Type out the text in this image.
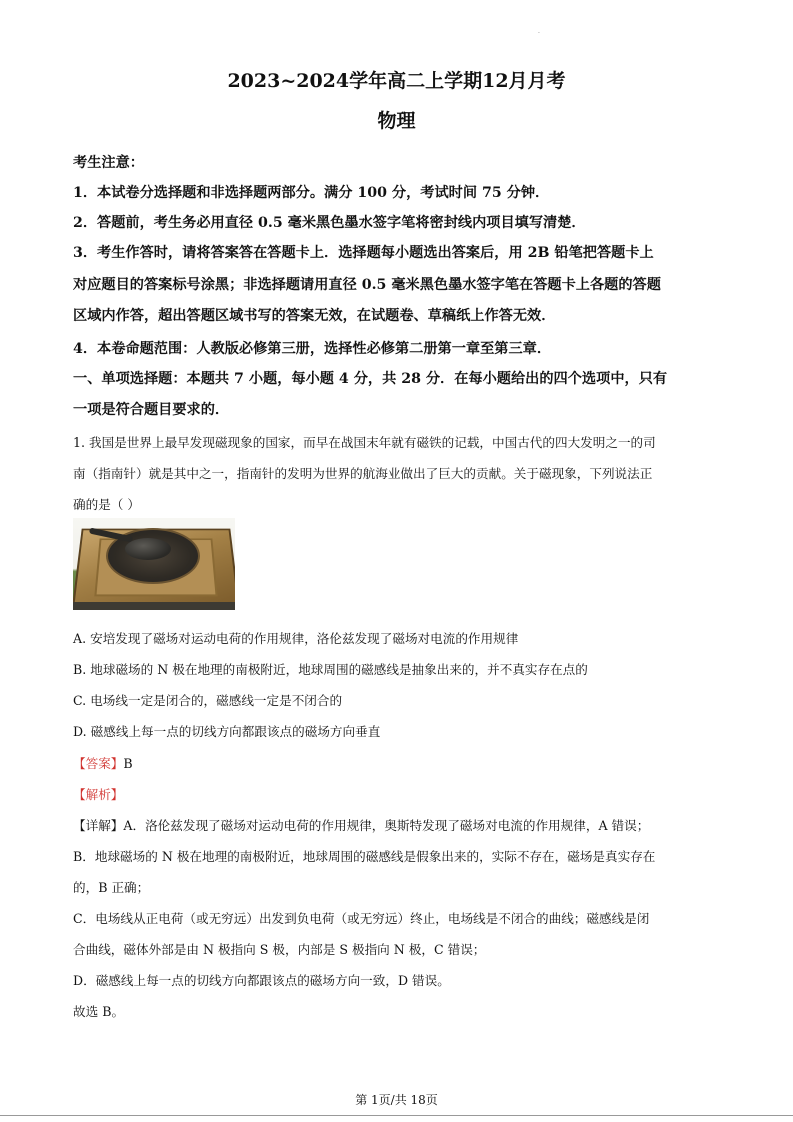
.
2023~2024学年高二上学期12月月考
物理
考生注意：
1．本试卷分选择题和非选择题两部分。满分 100 分，考试时间 75 分钟．
2．答题前，考生务必用直径 0.5 毫米黑色墨水签字笔将密封线内项目填写清楚．
3．考生作答时，请将答案答在答题卡上．选择题每小题选出答案后，用 2B 铅笔把答题卡上
对应题目的答案标号涂黑；非选择题请用直径 0.5 毫米黑色墨水签字笔在答题卡上各题的答题
区域内作答，超出答题区域书写的答案无效，在试题卷、草稿纸上作答无效．
4．本卷命题范围：人教版必修第三册，选择性必修第二册第一章至第三章．
一、单项选择题：本题共 7 小题，每小题 4 分，共 28 分．在每小题给出的四个选项中，只有
一项是符合题目要求的．
1. 我国是世界上最早发现磁现象的国家，而早在战国末年就有磁铁的记载，中国古代的四大发明之一的司
南（指南针）就是其中之一，指南针的发明为世界的航海业做出了巨大的贡献。关于磁现象，下列说法正
确的是（ ）
A. 安培发现了磁场对运动电荷的作用规律，洛伦兹发现了磁场对电流的作用规律
B. 地球磁场的 N 极在地理的南极附近，地球周围的磁感线是抽象出来的，并不真实存在点的
C. 电场线一定是闭合的，磁感线一定是不闭合的
D. 磁感线上每一点的切线方向都跟该点的磁场方向垂直
【答案】B
【解析】
【详解】A．洛伦兹发现了磁场对运动电荷的作用规律，奥斯特发现了磁场对电流的作用规律，A 错误；
B．地球磁场的 N 极在地理的南极附近，地球周围的磁感线是假象出来的，实际不存在，磁场是真实存在
的，B 正确；
C．电场线从正电荷（或无穷远）出发到负电荷（或无穷远）终止，电场线是不闭合的曲线；磁感线是闭
合曲线，磁体外部是由 N 极指向 S 极，内部是 S 极指向 N 极，C 错误；
D．磁感线上每一点的切线方向都跟该点的磁场方向一致，D 错误。
故选 B。
第 1页/共 18页
